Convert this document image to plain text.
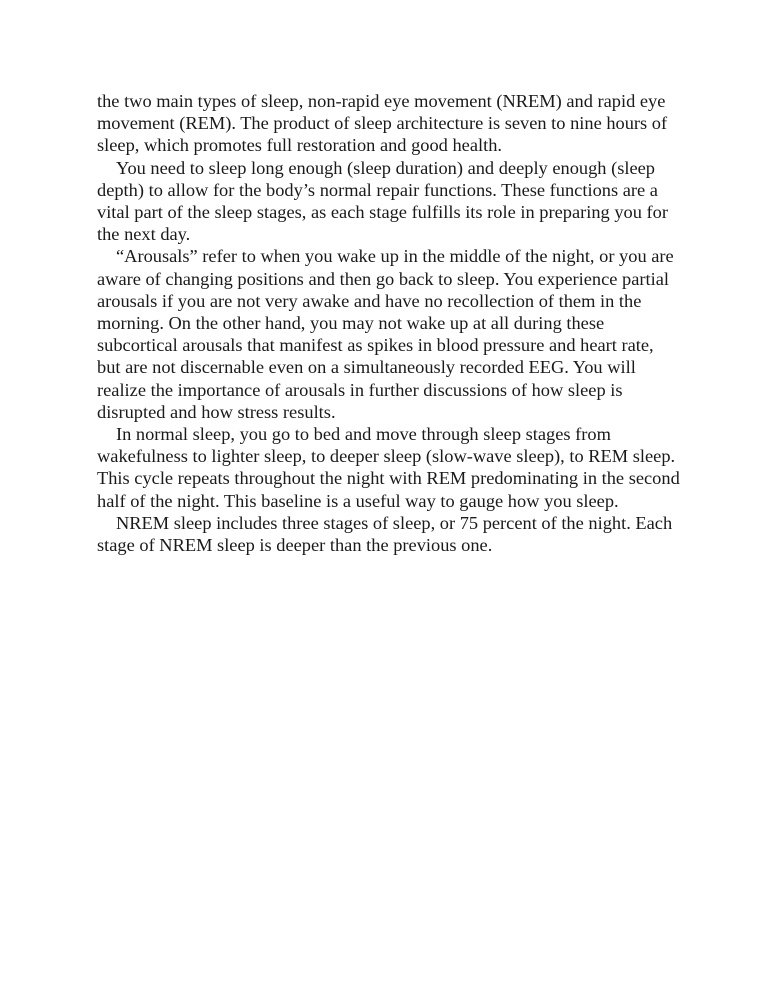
the two main types of sleep, non-rapid eye movement (NREM) and rapid eye movement (REM). The product of sleep architecture is seven to nine hours of sleep, which promotes full restoration and good health.

You need to sleep long enough (sleep duration) and deeply enough (sleep depth) to allow for the body’s normal repair functions. These functions are a vital part of the sleep stages, as each stage fulfills its role in preparing you for the next day.

“Arousals” refer to when you wake up in the middle of the night, or you are aware of changing positions and then go back to sleep. You experience partial arousals if you are not very awake and have no recollection of them in the morning. On the other hand, you may not wake up at all during these subcortical arousals that manifest as spikes in blood pressure and heart rate, but are not discernable even on a simultaneously recorded EEG. You will realize the importance of arousals in further discussions of how sleep is disrupted and how stress results.

In normal sleep, you go to bed and move through sleep stages from wakefulness to lighter sleep, to deeper sleep (slow-wave sleep), to REM sleep. This cycle repeats throughout the night with REM predominating in the second half of the night. This baseline is a useful way to gauge how you sleep.

NREM sleep includes three stages of sleep, or 75 percent of the night. Each stage of NREM sleep is deeper than the previous one.
